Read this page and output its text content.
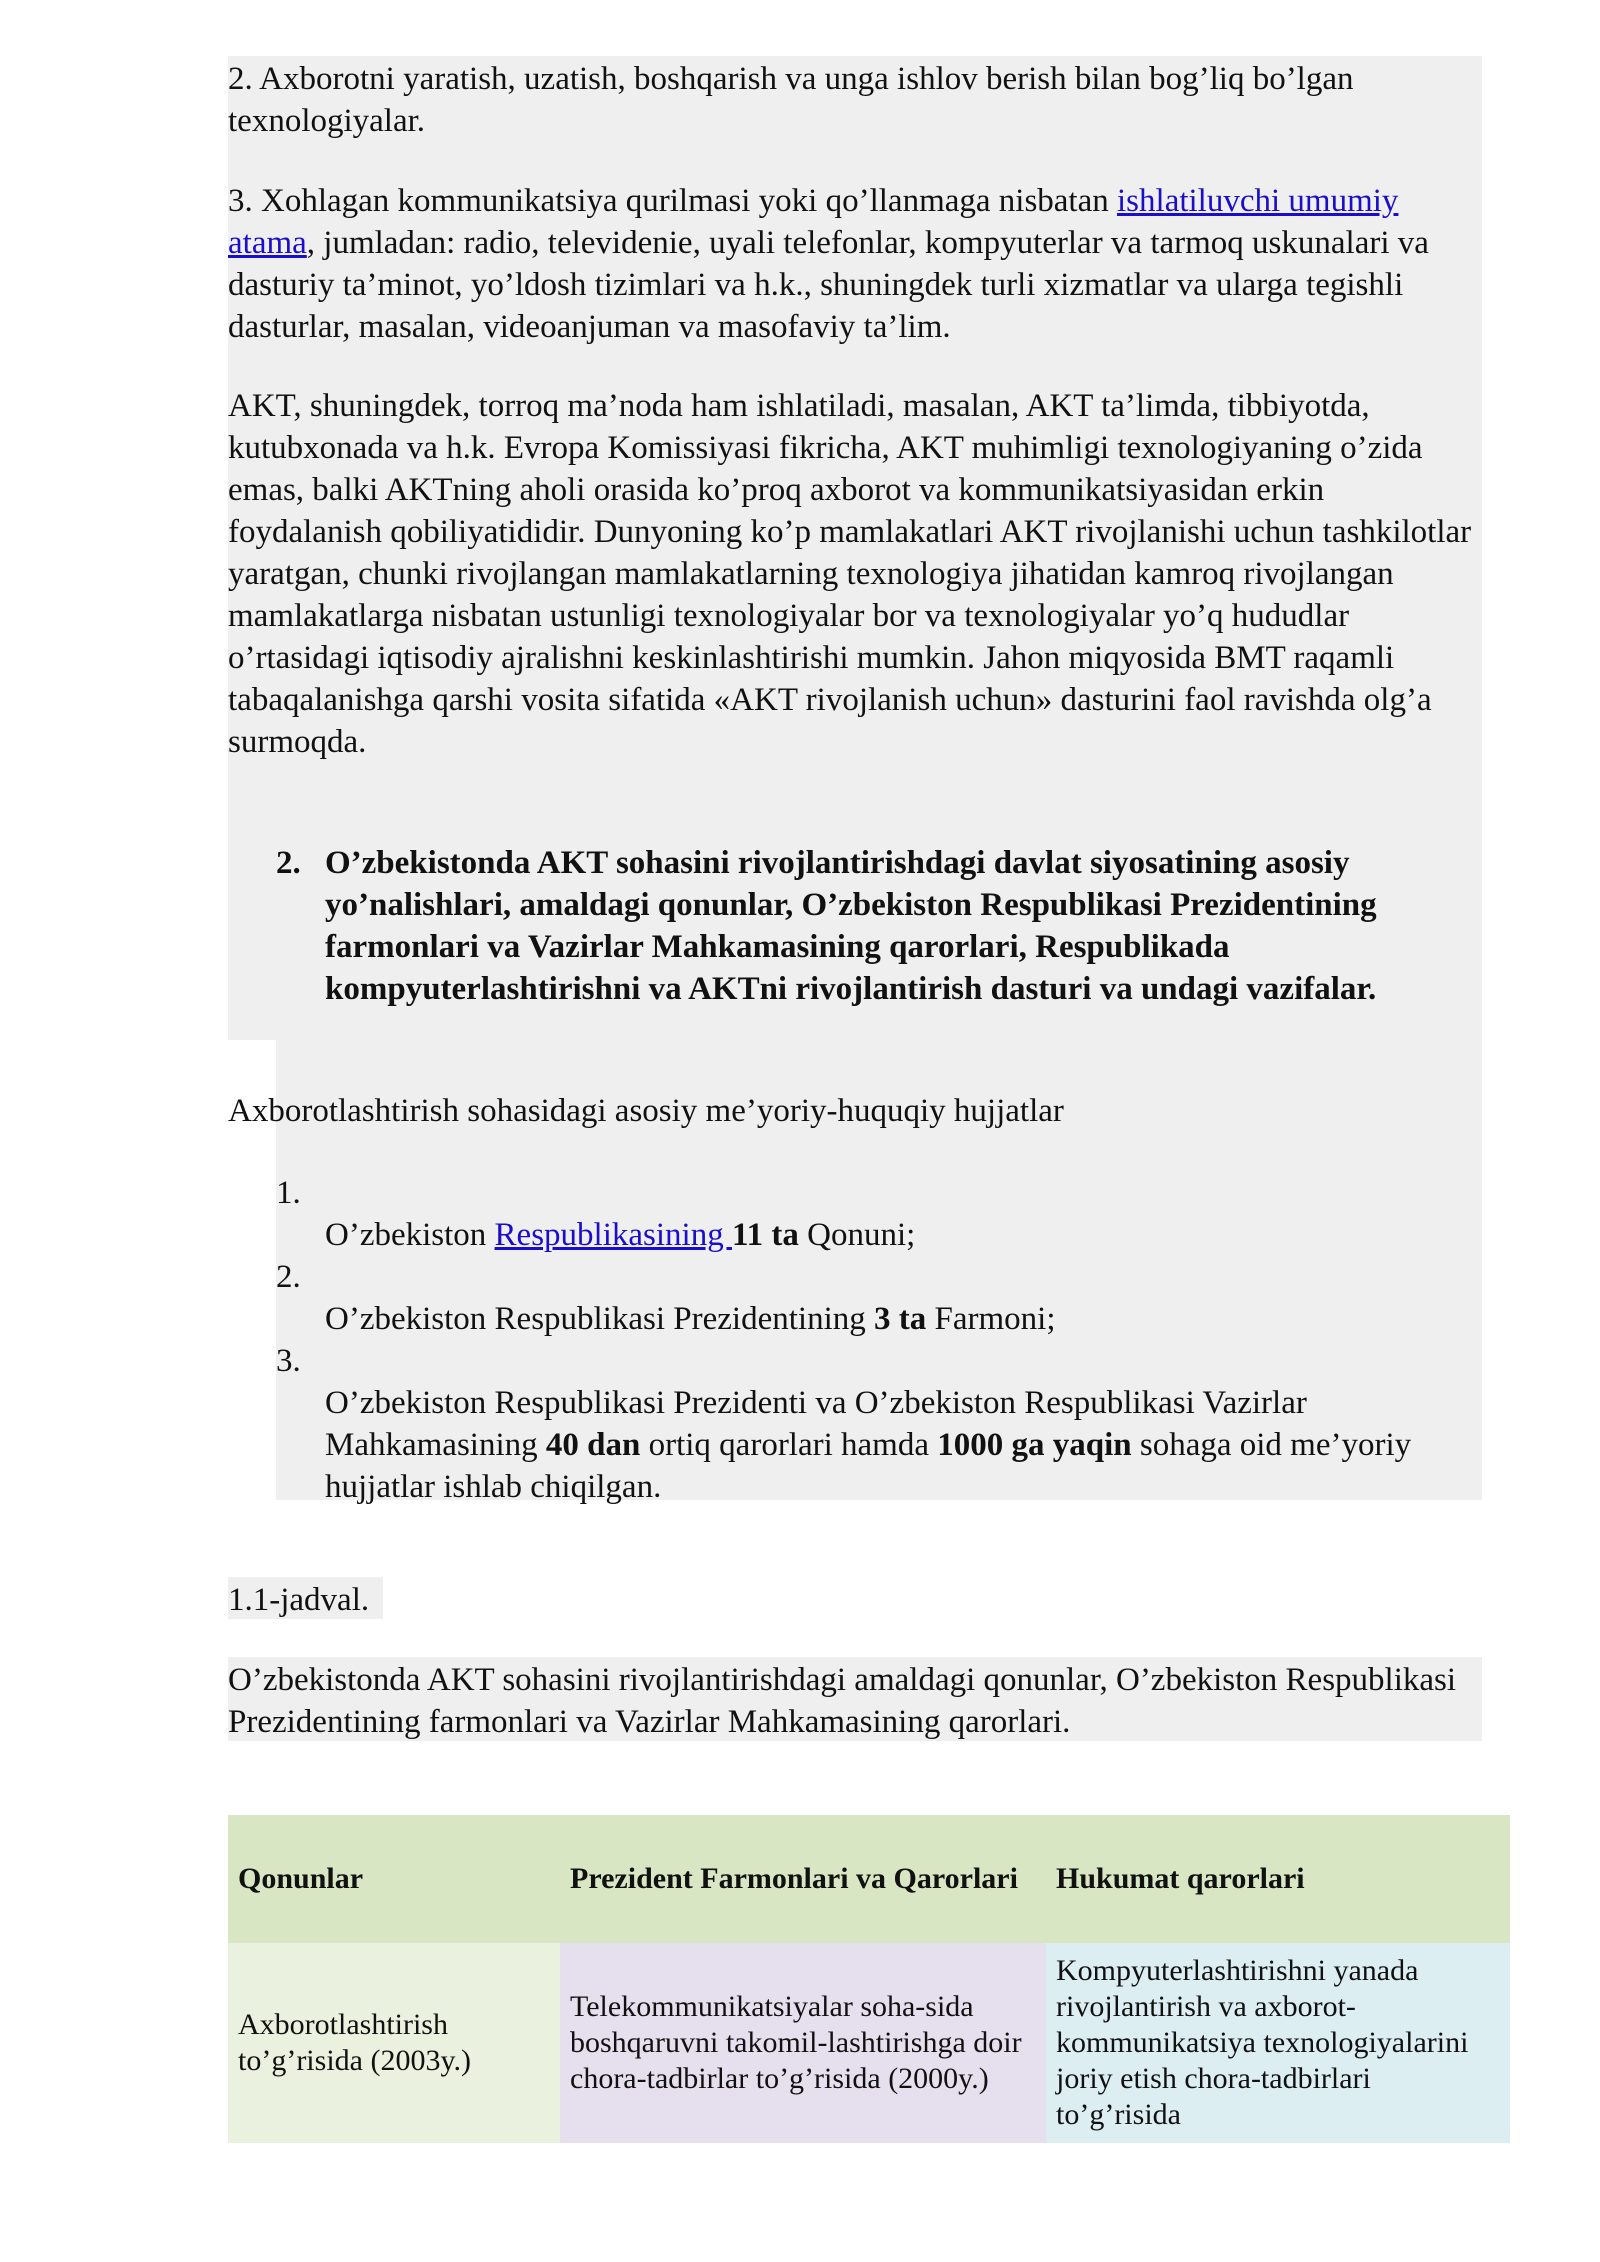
2. Axborotni yaratish, uzatish, boshqarish va unga ishlov berish bilan bog’liq bo’lgan texnologiyalar.

3. Xohlagan kommunikatsiya qurilmasi yoki qo’llanmaga nisbatan ishlatiluvchi umumiy atama, jumladan: radio, televidenie, uyali telefonlar, kompyuterlar va tarmoq uskunalari va dasturiy ta’minot, yo’ldosh tizimlari va h.k., shuningdek turli xizmatlar va ularga tegishli dasturlar, masalan, videoanjuman va masofaviy ta’lim.

AKT, shuningdek, torroq ma’noda ham ishlatiladi, masalan, AKT ta’limda, tibbiyotda, kutubxonada va h.k. Evropa Komissiyasi fikricha, AKT muhimligi texnologiyaning o’zida emas, balki AKTning aholi orasida ko’proq axborot va kommunikatsiyasidan erkin foydalanish qobiliyatididir. Dunyoning ko’p mamlakatlari AKT rivojlanishi uchun tashkilotlar yaratgan, chunki rivojlangan mamlakatlarning texnologiya jihatidan kamroq rivojlangan mamlakatlarga nisbatan ustunligi texnologiyalar bor va texnologiyalar yo’q hududlar o’rtasidagi iqtisodiy ajralishni keskinlashtirishi mumkin. Jahon miqyosida BMT raqamli tabaqalanishga qarshi vosita sifatida «AKT rivojlanish uchun» dasturini faol ravishda olg’a surmoqda.

2. O’zbekistonda AKT sohasini rivojlantirishdagi davlat siyosatining asosiy yo’nalishlari, amaldagi qonunlar, O’zbekiston Respublikasi Prezidentining farmonlari va Vazirlar Mahkamasining qarorlari, Respublikada kompyuterlashtirishni va AKTni rivojlantirish dasturi va undagi vazifalar.

Axborotlashtirish sohasidagi asosiy me’yoriy-huquqiy hujjatlar

1.

O’zbekiston Respublikasining 11 ta Qonuni;

2.

O’zbekiston Respublikasi Prezidentining 3 ta Farmoni;

3.

O’zbekiston Respublikasi Prezidenti va O’zbekiston Respublikasi Vazirlar Mahkamasining 40 dan ortiq qarorlari hamda 1000 ga yaqin sohaga oid me’yoriy hujjatlar ishlab chiqilgan.

1.1-jadval.

O’zbekistonda AKT sohasini rivojlantirishdagi amaldagi qonunlar, O’zbekiston Respublikasi Prezidentining farmonlari va Vazirlar Mahkamasining qarorlari.

Qonunlar	Prezident Farmonlari va Qarorlari	Hukumat qarorlari
Axborotlashtirish to’g’risida (2003y.)	Telekommunikatsiyalar soha-sida boshqaruvni takomil-lashtirishga doir chora-tadbirlar to’g’risida (2000y.)	Kompyuterlashtirishni yanada rivojlantirish va axborot-kommunikatsiya texnologiyalarini joriy etish chora-tadbirlari to’g’risida
